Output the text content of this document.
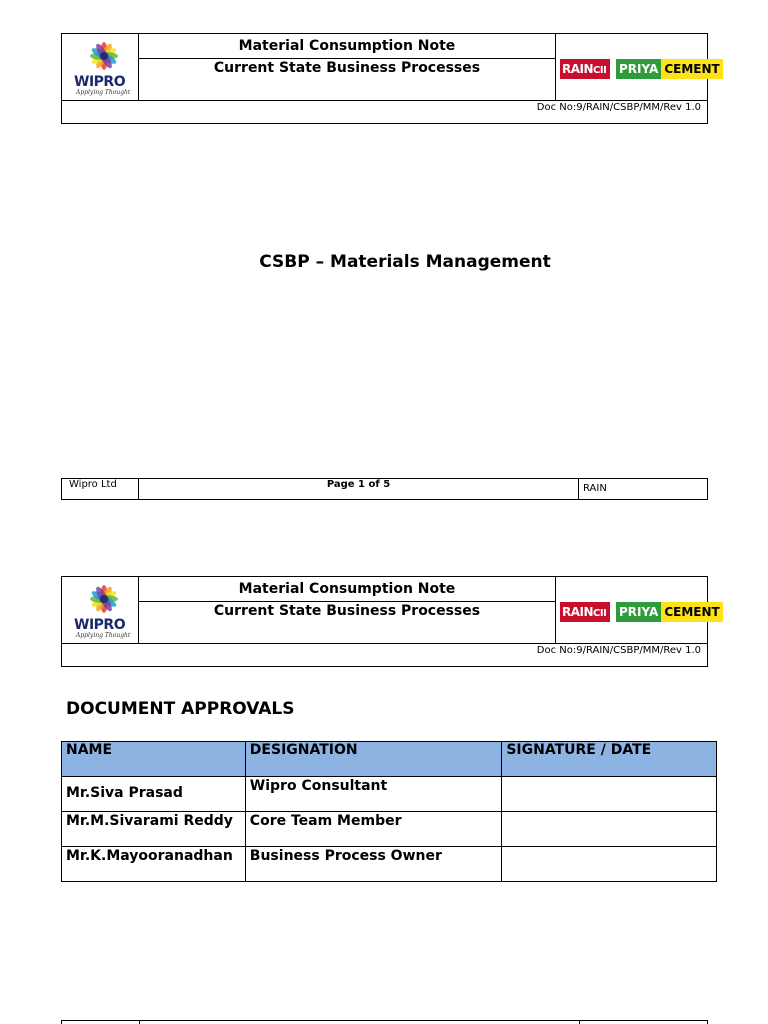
WIPRO
Applying Thought
Material Consumption Note
Current State Business Processes	RAINCII	PRIYA CEMENT
Doc No:9/RAIN/CSBP/MM/Rev 1.0
CSBP – Materials Management
Wipro Ltd	Page 1 of 5	RAIN
WIPRO
Applying Thought
Material Consumption Note
Current State Business Processes	RAINCII	PRIYA CEMENT
Doc No:9/RAIN/CSBP/MM/Rev 1.0
DOCUMENT APPROVALS
NAME	DESIGNATION	SIGNATURE / DATE
Mr.Siva Prasad	Wipro Consultant	
Mr.M.Sivarami Reddy	Core Team Member	
Mr.K.Mayooranadhan	Business Process Owner	
